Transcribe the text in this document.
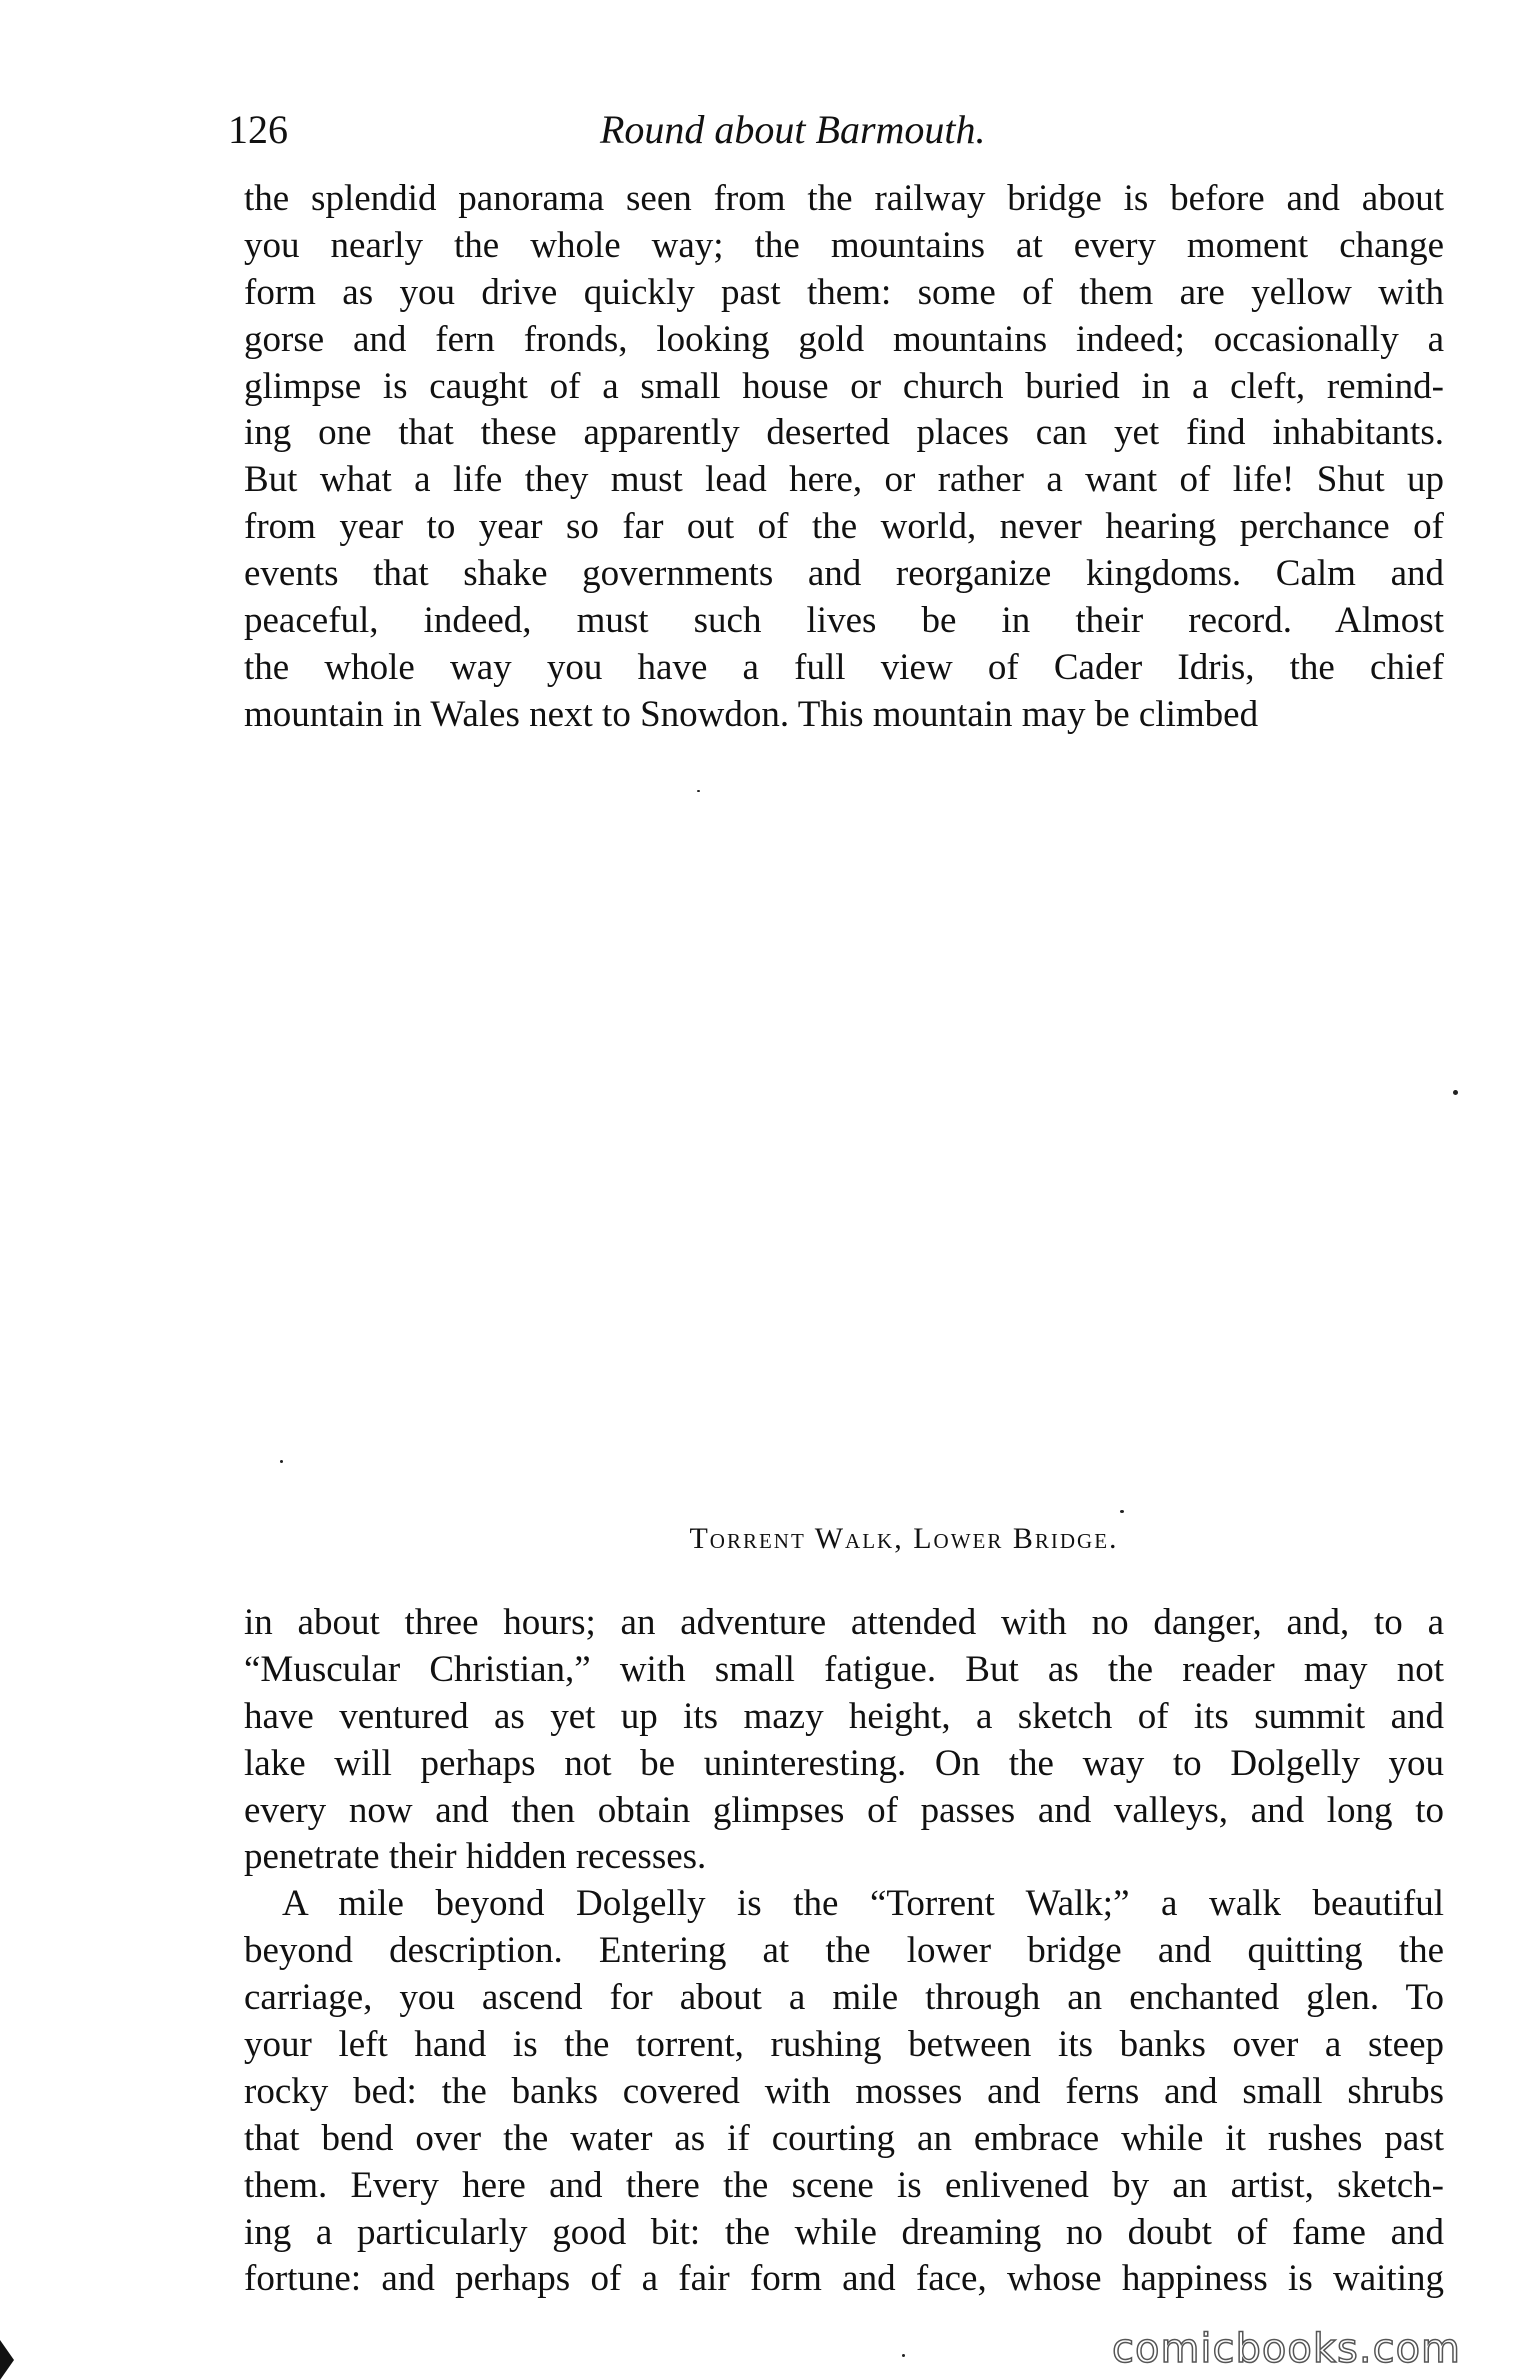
126	Round about Barmouth.
the splendid panorama seen from the railway bridge is before and about
you nearly the whole way; the mountains at every moment change
form as you drive quickly past them: some of them are yellow with
gorse and fern fronds, looking gold mountains indeed; occasionally a
glimpse is caught of a small house or church buried in a cleft, remind-
ing one that these apparently deserted places can yet find inhabitants.
But what a life they must lead here, or rather a want of life! Shut up
from year to year so far out of the world, never hearing perchance of
events that shake governments and reorganize kingdoms. Calm and
peaceful, indeed, must such lives be in their record. Almost
the whole way you have a full view of Cader Idris, the chief
mountain in Wales next to Snowdon. This mountain may be climbed
Torrent Walk, Lower Bridge.
in about three hours; an adventure attended with no danger, and, to a
“Muscular Christian,” with small fatigue. But as the reader may not
have ventured as yet up its mazy height, a sketch of its summit and
lake will perhaps not be uninteresting. On the way to Dolgelly you
every now and then obtain glimpses of passes and valleys, and long to
penetrate their hidden recesses.
A mile beyond Dolgelly is the “Torrent Walk;” a walk beautiful
beyond description. Entering at the lower bridge and quitting the
carriage, you ascend for about a mile through an enchanted glen. To
your left hand is the torrent, rushing between its banks over a steep
rocky bed: the banks covered with mosses and ferns and small shrubs
that bend over the water as if courting an embrace while it rushes past
them. Every here and there the scene is enlivened by an artist, sketch-
ing a particularly good bit: the while dreaming no doubt of fame and
fortune: and perhaps of a fair form and face, whose happiness is waiting
comicbooks.com
